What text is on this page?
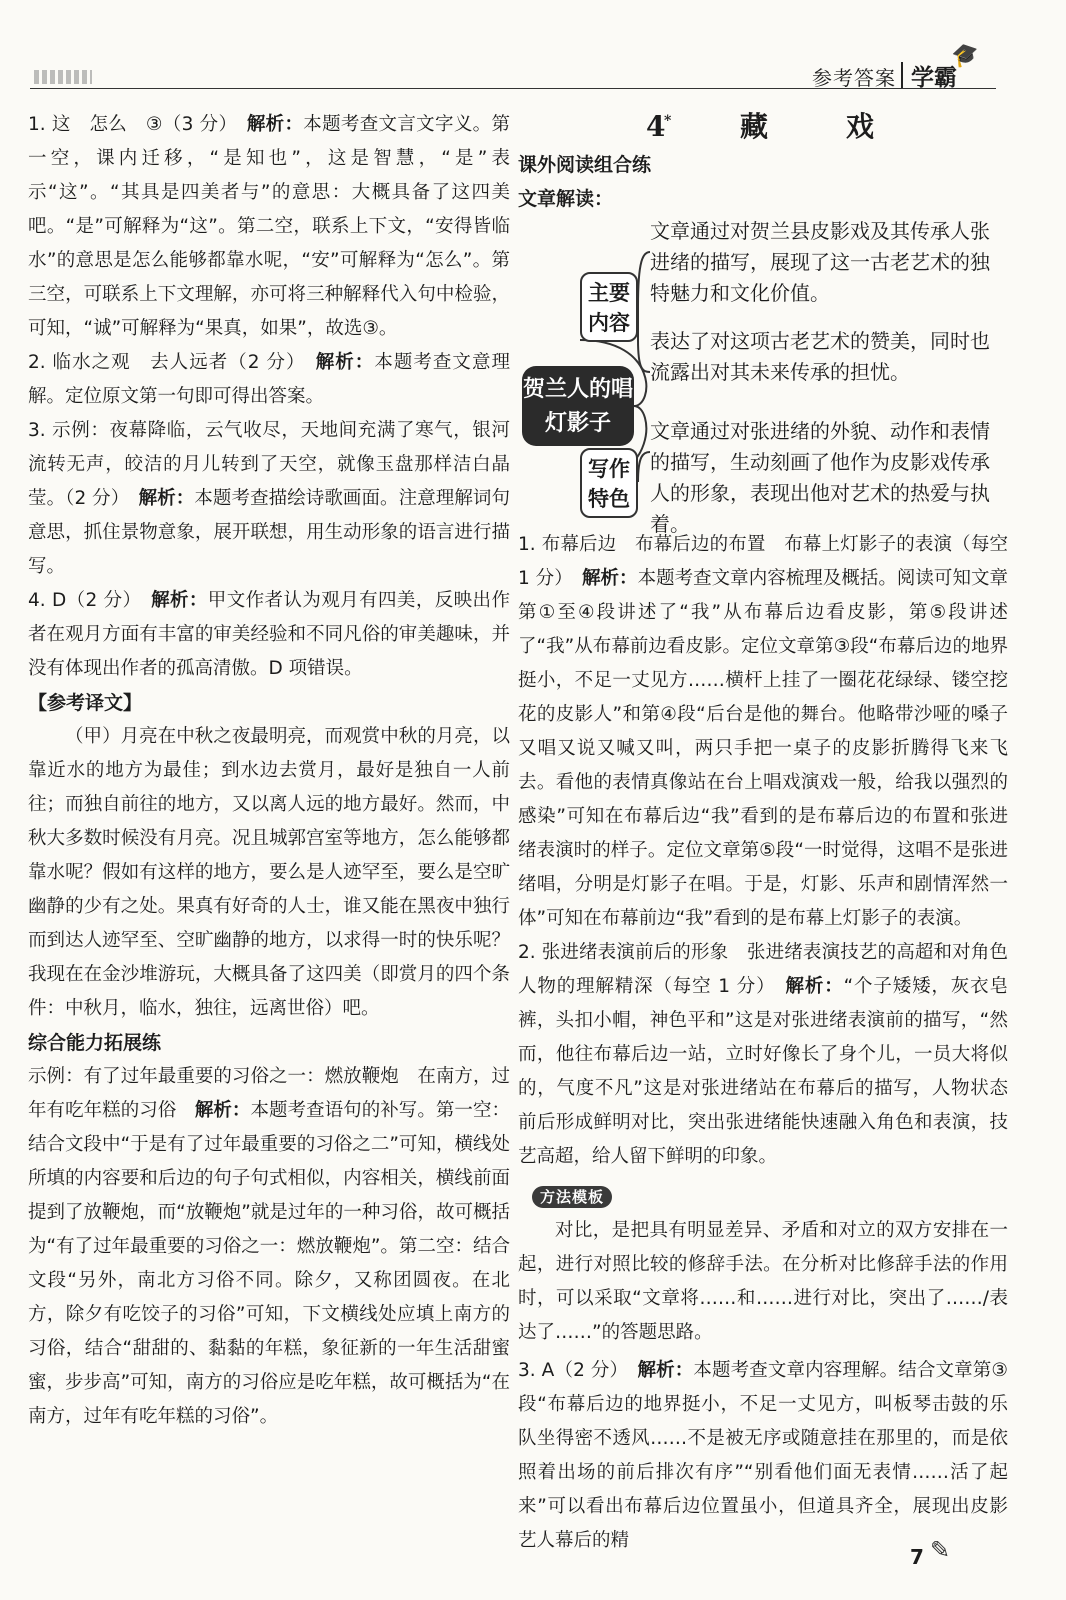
参考答案 学霸
🎓

1. 这　怎么　③（3 分）　解析：本题考查文言文字义。第一空，课内迁移，“是知也”，这是智慧，“是”表示“这”。“其具是四美者与”的意思：大概具备了这四美吧。“是”可解释为“这”。第二空，联系上下文，“安得皆临水”的意思是怎么能够都靠水呢，“安”可解释为“怎么”。第三空，可联系上下文理解，亦可将三种解释代入句中检验，可知，“诚”可解释为“果真，如果”，故选③。

2. 临水之观　去人远者（2 分）　解析：本题考查文意理解。定位原文第一句即可得出答案。

3. 示例：夜幕降临，云气收尽，天地间充满了寒气，银河流转无声，皎洁的月儿转到了天空，就像玉盘那样洁白晶莹。（2 分）　解析：本题考查描绘诗歌画面。注意理解词句意思，抓住景物意象，展开联想，用生动形象的语言进行描写。

4. D（2 分）　解析：甲文作者认为观月有四美，反映出作者在观月方面有丰富的审美经验和不同凡俗的审美趣味，并没有体现出作者的孤高清傲。D 项错误。

【参考译文】

（甲）月亮在中秋之夜最明亮，而观赏中秋的月亮，以靠近水的地方为最佳；到水边去赏月，最好是独自一人前往；而独自前往的地方，又以离人远的地方最好。然而，中秋大多数时候没有月亮。况且城郭宫室等地方，怎么能够都靠水呢？假如有这样的地方，要么是人迹罕至，要么是空旷幽静的少有之处。果真有好奇的人士，谁又能在黑夜中独行而到达人迹罕至、空旷幽静的地方，以求得一时的快乐呢？我现在在金沙堆游玩，大概具备了这四美（即赏月的四个条件：中秋月，临水，独往，远离世俗）吧。

综合能力拓展练

示例：有了过年最重要的习俗之一：燃放鞭炮　在南方，过年有吃年糕的习俗　解析：本题考查语句的补写。第一空：结合文段中“于是有了过年最重要的习俗之二”可知，横线处所填的内容要和后边的句子句式相似，内容相关，横线前面提到了放鞭炮，而“放鞭炮”就是过年的一种习俗，故可概括为“有了过年最重要的习俗之一：燃放鞭炮”。第二空：结合文段“另外，南北方习俗不同。除夕，又称团圆夜。在北方，除夕有吃饺子的习俗”可知，下文横线处应填上南方的习俗，结合“甜甜的、黏黏的年糕，象征新的一年生活甜蜜蜜，步步高”可知，南方的习俗应是吃年糕，故可概括为“在南方，过年有吃年糕的习俗”。

4
* 藏戏

课外阅读组合练

文章解读：

贺兰人的唱灯影子
主要内容
写作特色
文章通过对贺兰县皮影戏及其传承人张进绪的描写，展现了这一古老艺术的独特魅力和文化价值。
表达了对这项古老艺术的赞美，同时也流露出对其未来传承的担忧。
文章通过对张进绪的外貌、动作和表情的描写，生动刻画了他作为皮影戏传承人的形象，表现出他对艺术的热爱与执着。

1. 布幕后边　布幕后边的布置　布幕上灯影子的表演（每空 1 分）　解析：本题考查文章内容梳理及概括。阅读可知文章第①至④段讲述了“我”从布幕后边看皮影，第⑤段讲述了“我”从布幕前边看皮影。定位文章第③段“布幕后边的地界挺小，不足一丈见方……横杆上挂了一圈花花绿绿、镂空挖花的皮影人”和第④段“后台是他的舞台。他略带沙哑的嗓子又唱又说又喊又叫，两只手把一桌子的皮影折腾得飞来飞去。看他的表情真像站在台上唱戏演戏一般，给我以强烈的感染”可知在布幕后边“我”看到的是布幕后边的布置和张进绪表演时的样子。定位文章第⑤段“一时觉得，这唱不是张进绪唱，分明是灯影子在唱。于是，灯影、乐声和剧情浑然一体”可知在布幕前边“我”看到的是布幕上灯影子的表演。

2. 张进绪表演前后的形象　张进绪表演技艺的高超和对角色人物的理解精深（每空 1 分）　解析：“个子矮矮，灰衣皂裤，头扣小帽，神色平和”这是对张进绪表演前的描写，“然而，他往布幕后边一站，立时好像长了身个儿，一员大将似的，气度不凡”这是对张进绪站在布幕后的描写，人物状态前后形成鲜明对比，突出张进绪能快速融入角色和表演，技艺高超，给人留下鲜明的印象。

方法模板

对比，是把具有明显差异、矛盾和对立的双方安排在一起，进行对照比较的修辞手法。在分析对比修辞手法的作用时，可以采取“文章将……和……进行对比，突出了……/表达了……”的答题思路。

3. A（2 分）　解析：本题考查文章内容理解。结合文章第③段“布幕后边的地界挺小，不足一丈见方，叫板琴击鼓的乐队坐得密不透风……不是被无序或随意挂在那里的，而是依照着出场的前后排次有序”“别看他们面无表情……活了起来”可以看出布幕后边位置虽小，但道具齐全，展现出皮影艺人幕后的精

7 ✎
